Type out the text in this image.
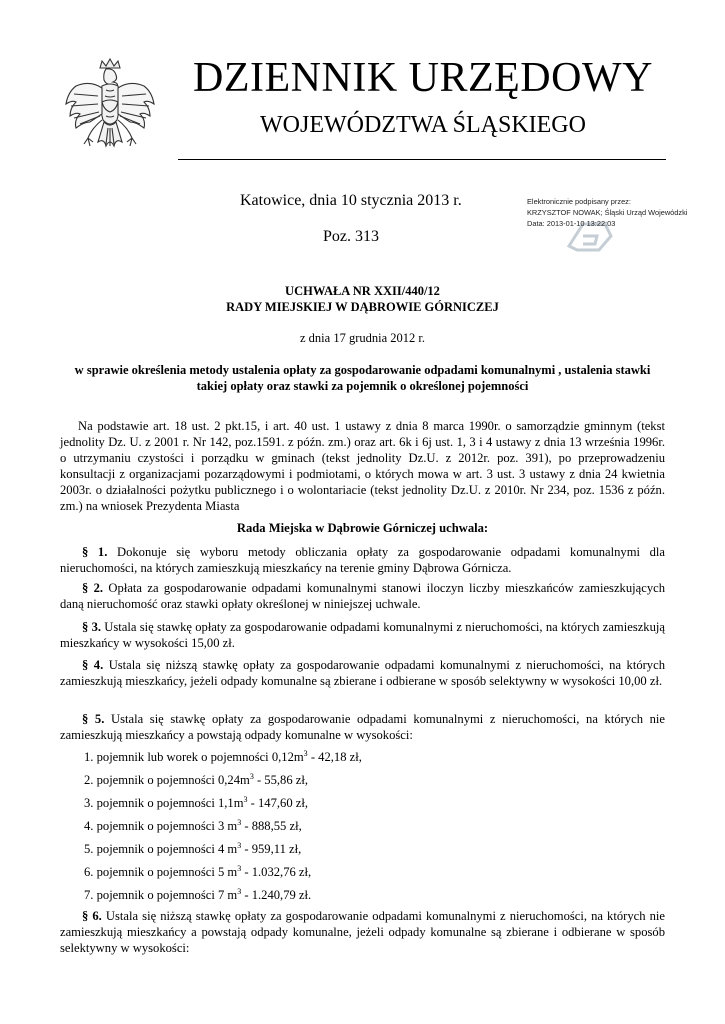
DZIENNIK URZĘDOWY
WOJEWÓDZTWA ŚLĄSKIEGO
Katowice, dnia 10 stycznia 2013 r.
Poz. 313
Elektronicznie podpisany przez:
KRZYSZTOF NOWAK; Śląski Urząd Wojewódzki
Data: 2013-01-10 13:22:03
UCHWAŁA NR XXII/440/12
RADY MIEJSKIEJ W DĄBROWIE GÓRNICZEJ
z dnia 17 grudnia 2012 r.
w sprawie określenia metody ustalenia opłaty za gospodarowanie odpadami komunalnymi , ustalenia stawki takiej opłaty oraz stawki za pojemnik o określonej pojemności
Na podstawie art. 18 ust. 2 pkt.15, i art. 40 ust. 1 ustawy z dnia 8 marca 1990r. o samorządzie gminnym (tekst jednolity Dz. U. z 2001 r. Nr 142, poz.1591. z późn. zm.) oraz art. 6k i 6j ust. 1, 3 i 4 ustawy z dnia 13 września 1996r. o utrzymaniu czystości i porządku w gminach (tekst jednolity Dz.U. z 2012r. poz. 391), po przeprowadzeniu konsultacji z organizacjami pozarządowymi i podmiotami, o których mowa w art. 3 ust. 3 ustawy z dnia 24 kwietnia 2003r. o działalności pożytku publicznego i o wolontariacie (tekst jednolity Dz.U. z 2010r. Nr 234, poz. 1536 z późn. zm.) na wniosek Prezydenta Miasta
Rada Miejska w Dąbrowie Górniczej uchwala:
§ 1. Dokonuje się wyboru metody obliczania opłaty za gospodarowanie odpadami komunalnymi dla nieruchomości, na których zamieszkują mieszkańcy na terenie gminy Dąbrowa Górnicza.
§ 2. Opłata za gospodarowanie odpadami komunalnymi stanowi iloczyn liczby mieszkańców zamieszkujących daną nieruchomość oraz stawki opłaty określonej w niniejszej uchwale.
§ 3. Ustala się stawkę opłaty za gospodarowanie odpadami komunalnymi z nieruchomości, na których zamieszkują mieszkańcy w wysokości 15,00 zł.
§ 4. Ustala się niższą stawkę opłaty za gospodarowanie odpadami komunalnymi z nieruchomości, na których zamieszkują mieszkańcy, jeżeli odpady komunalne są zbierane i odbierane w sposób selektywny w wysokości 10,00 zł.
§ 5. Ustala się stawkę opłaty za gospodarowanie odpadami komunalnymi z nieruchomości, na których nie zamieszkują mieszkańcy a powstają odpady komunalne w wysokości:
1. pojemnik lub worek o pojemności $0,12m^3 - 42,18$ zł,
2. pojemnik o pojemności $0,24m^3 - 55,86$ zł,
3. pojemnik o pojemności $1,1m^3 - 147,60$ zł,
4. pojemnik o pojemności 3 $m^3 - 888,55$ zł,
5. pojemnik o pojemności 4 $m^3 - 959,11$ zł,
6. pojemnik o pojemności 5 $m^3 - 1.032,76$ zł,
7. pojemnik o pojemności 7 $m^3 - 1.240,79$ zł.
§ 6. Ustala się niższą stawkę opłaty za gospodarowanie odpadami komunalnymi z nieruchomości, na których nie zamieszkują mieszkańcy a powstają odpady komunalne, jeżeli odpady komunalne są zbierane i odbierane w sposób selektywny w wysokości:
